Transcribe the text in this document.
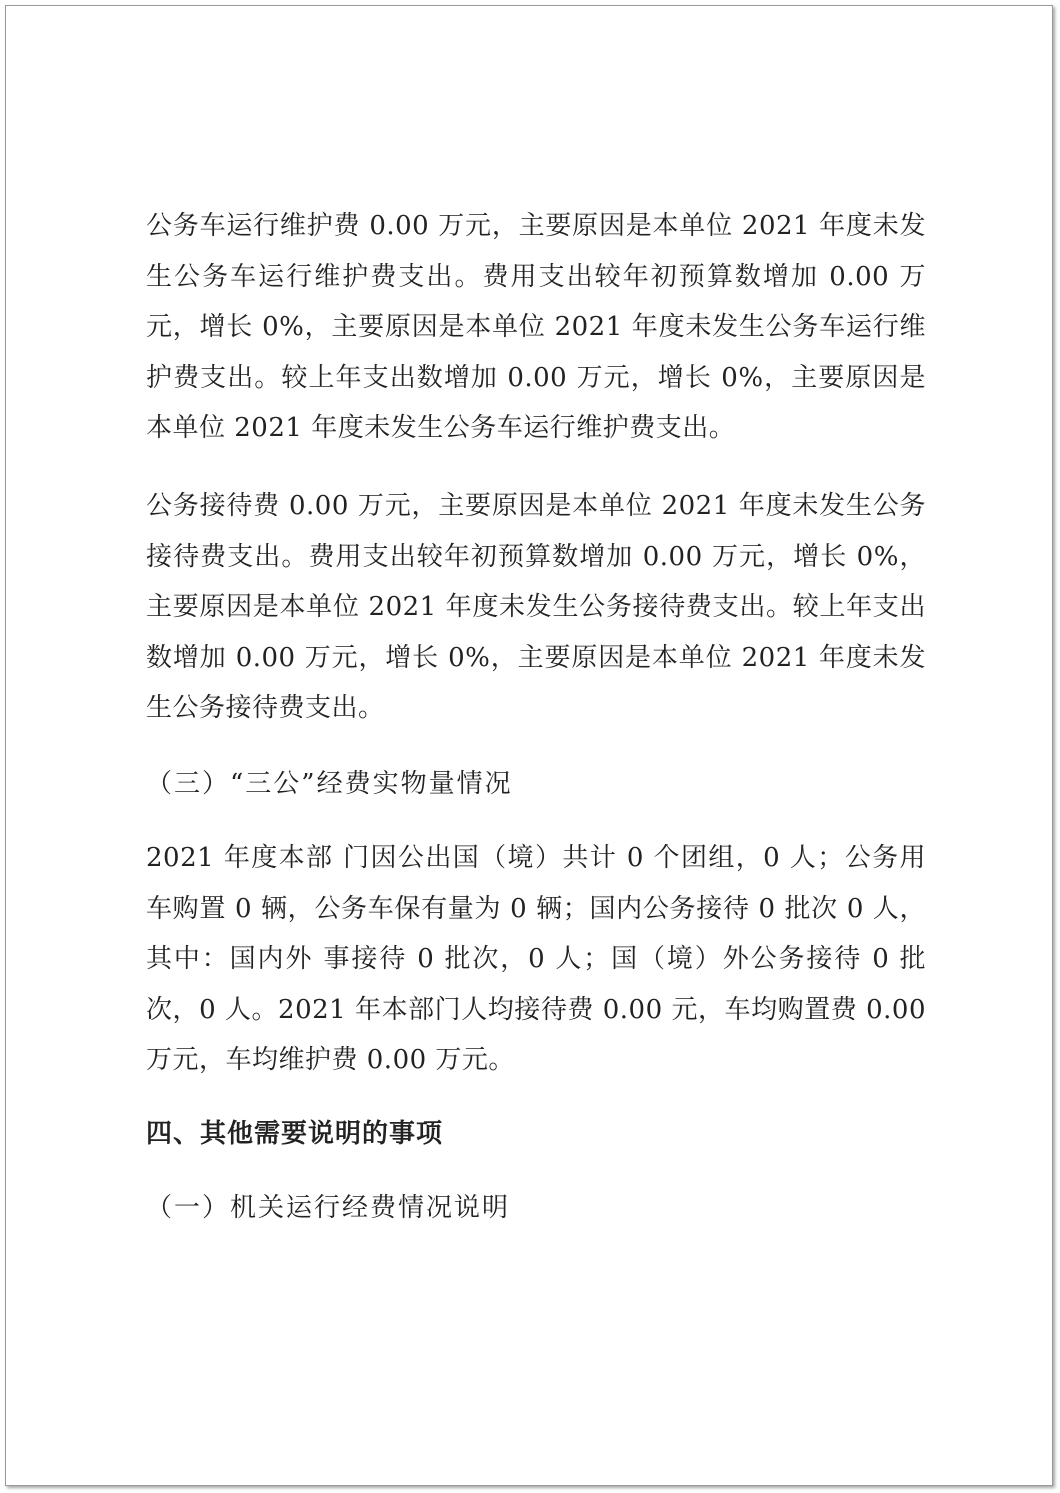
公务车运行维护费 0.00 万元，主要原因是本单位 2021 年度未发生公务车运行维护费支出。费用支出较年初预算数增加 0.00 万元，增长 0%，主要原因是本单位 2021 年度未发生公务车运行维护费支出。较上年支出数增加 0.00 万元，增长 0%，主要原因是本单位 2021 年度未发生公务车运行维护费支出。

公务接待费 0.00 万元，主要原因是本单位 2021 年度未发生公务接待费支出。费用支出较年初预算数增加 0.00 万元，增长 0%，主要原因是本单位 2021 年度未发生公务接待费支出。较上年支出数增加 0.00 万元，增长 0%，主要原因是本单位 2021 年度未发生公务接待费支出。

（三）“三公”经费实物量情况

2021 年度本部 门因公出国（境）共计 0 个团组，0 人；公务用车购置 0 辆，公务车保有量为 0 辆；国内公务接待 0 批次 0 人，其中：国内外 事接待 0 批次，0 人；国（境）外公务接待 0 批次，0 人。2021 年本部门人均接待费 0.00 元，车均购置费 0.00 万元，车均维护费 0.00 万元。

四、其他需要说明的事项

（一）机关运行经费情况说明
